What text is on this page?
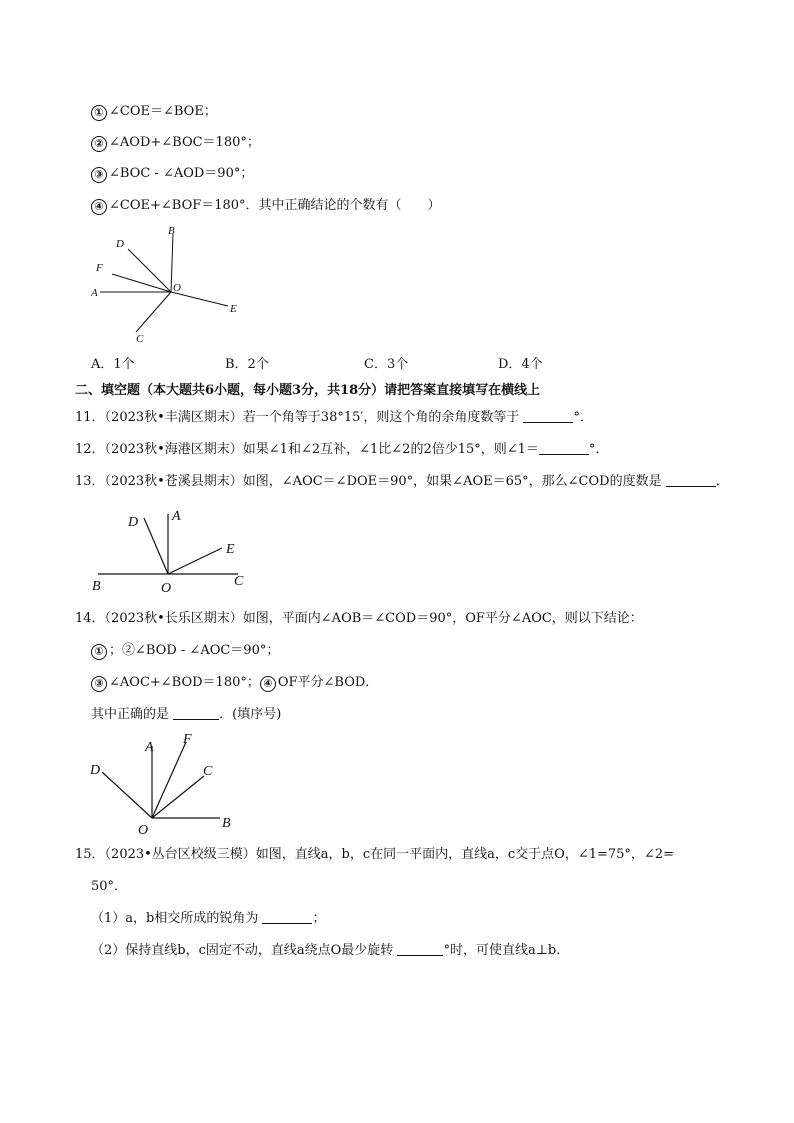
① ∠COE＝∠BOE；
② ∠AOD+∠BOC＝180°；
③ ∠BOC - ∠AOD＝90°；
④ ∠COE+∠BOF＝180°．其中正确结论的个数有（　　）
D
B
F
O
A
E
C
A．1个	B．2个	C．3个	D．4个
二、填空题（本大题共6小题，每小题3分，共18分）请把答案直接填写在横线上
11．（2023秋•丰满区期末）若一个角等于38°15′，则这个角的余角度数等于	°．
12．（2023秋•海港区期末）如果∠1和∠2互补，∠1比∠2的2倍少15°，则∠1＝	°．
13．（2023秋•苍溪县期末）如图，∠AOC＝∠DOE＝90°，如果∠AOE＝65°，那么∠COD的度数是	．
D A
E
B	O	C
14．（2023秋•长乐区期末）如图，平面内∠AOB＝∠COD＝90°，OF平分∠AOC，则以下结论：
① ；②∠BOD - ∠AOC＝90°；
③ ∠AOC+∠BOD＝180°； ④ OF平分∠BOD．
其中正确的是	．(填序号)
A
F
D	C
O	B
15．（2023•丛台区校级三模）如图，直线a，b，c在同一平面内，直线a，c交于点O，∠1=75°，∠2=
50°．
（1）a，b相交所成的锐角为	；
（2）保持直线b，c固定不动，直线a绕点O最少旋转	°时，可使直线a⊥b．
